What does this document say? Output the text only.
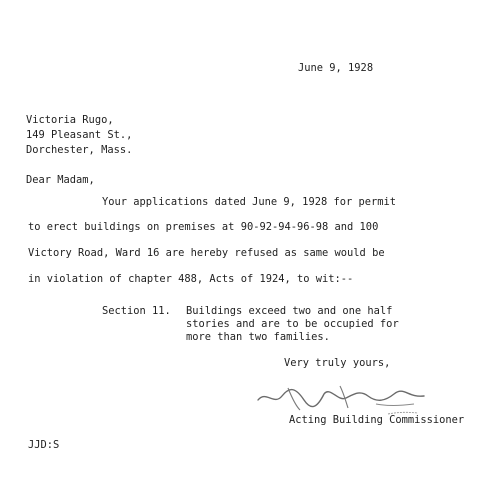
June 9, 1928
Victoria Rugo,
149 Pleasant St.,
Dorchester, Mass.
Dear Madam,
Your applications dated June 9, 1928 for permit
to erect buildings on premises at 90-92-94-96-98 and 100
Victory Road, Ward 16 are hereby refused as same would be
in violation of chapter 488, Acts of 1924, to wit:--
Section 11. Buildings exceed two and one half
stories and are to be occupied for
more than two families.
Very truly yours,
Acting Building Commissioner
JJD:S
